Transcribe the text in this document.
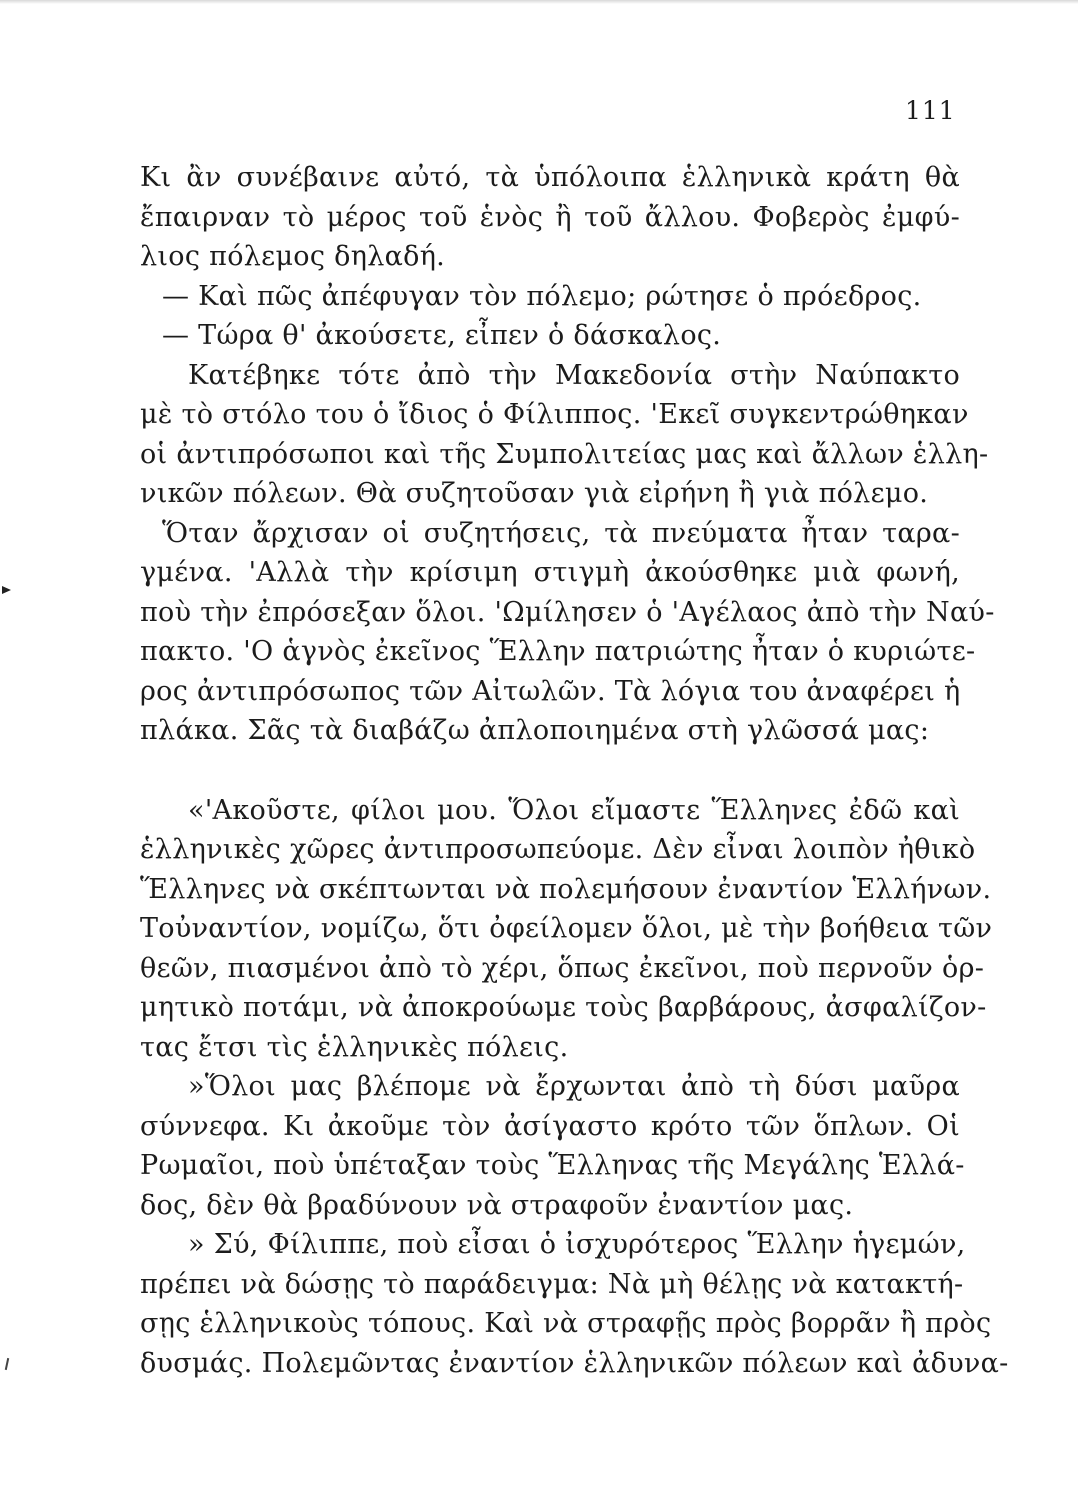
111
Κι ἂν συνέβαινε αὐτό, τὰ ὑπόλοιπα ἑλληνικὰ κράτη θὰ
ἔπαιρναν τὸ μέρος τοῦ ἑνὸς ἢ τοῦ ἄλλου. Φοβερὸς ἐμφύ-
λιος πόλεμος δηλαδή.
— Καὶ πῶς ἀπέφυγαν τὸν πόλεμο; ρώτησε ὁ πρόεδρος.
— Τώρα θ' ἀκούσετε, εἶπεν ὁ δάσκαλος.
Κατέβηκε τότε ἀπὸ τὴν Μακεδονία στὴν Ναύπακτο
μὲ τὸ στόλο του ὁ ἴδιος ὁ Φίλιππος. 'Εκεῖ συγκεντρώθηκαν
οἱ ἀντιπρόσωποι καὶ τῆς Συμπολιτείας μας καὶ ἄλλων ἑλλη-
νικῶν πόλεων. Θὰ συζητοῦσαν γιὰ εἰρήνη ἢ γιὰ πόλεμο.
Ὅταν ἄρχισαν οἱ συζητήσεις, τὰ πνεύματα ἦταν ταρα-
γμένα. 'Αλλὰ τὴν κρίσιμη στιγμὴ ἀκούσθηκε μιὰ φωνή,
ποὺ τὴν ἐπρόσεξαν ὅλοι. 'Ωμίλησεν ὁ 'Αγέλαος ἀπὸ τὴν Ναύ-
πακτο. 'Ο ἁγνὸς ἐκεῖνος Ἕλλην πατριώτης ἦταν ὁ κυριώτε-
ρος ἀντιπρόσωπος τῶν Αἰτωλῶν. Τὰ λόγια του ἀναφέρει ἡ
πλάκα. Σᾶς τὰ διαβάζω ἀπλοποιημένα στὴ γλῶσσά μας:
«'Ακοῦστε, φίλοι μου. Ὅλοι εἴμαστε Ἕλληνες ἐδῶ καὶ
ἑλληνικὲς χῶρες ἀντιπροσωπεύομε. Δὲν εἶναι λοιπὸν ἠθικὸ
Ἕλληνες νὰ σκέπτωνται νὰ πολεμήσουν ἐναντίον Ἑλλήνων.
Τοὐναντίον, νομίζω, ὅτι ὀφείλομεν ὅλοι, μὲ τὴν βοήθεια τῶν
θεῶν, πιασμένοι ἀπὸ τὸ χέρι, ὅπως ἐκεῖνοι, ποὺ περνοῦν ὁρ-
μητικὸ ποτάμι, νὰ ἀποκρούωμε τοὺς βαρβάρους, ἀσφαλίζον-
τας ἔτσι τὶς ἑλληνικὲς πόλεις.
»Ὅλοι μας βλέπομε νὰ ἔρχωνται ἀπὸ τὴ δύσι μαῦρα
σύννεφα. Κι ἀκοῦμε τὸν ἀσίγαστο κρότο τῶν ὅπλων. Οἱ
Ρωμαῖοι, ποὺ ὑπέταξαν τοὺς Ἕλληνας τῆς Μεγάλης Ἑλλά-
δος, δὲν θὰ βραδύνουν νὰ στραφοῦν ἐναντίον μας.
» Σύ, Φίλιππε, ποὺ εἶσαι ὁ ἰσχυρότερος Ἕλλην ἡγεμών,
πρέπει νὰ δώσῃς τὸ παράδειγμα: Νὰ μὴ θέλῃς νὰ κατακτή-
σῃς ἑλληνικοὺς τόπους. Καὶ νὰ στραφῇς πρὸς βορρᾶν ἢ πρὸς
δυσμάς. Πολεμῶντας ἐναντίον ἑλληνικῶν πόλεων καὶ ἀδυνα-
